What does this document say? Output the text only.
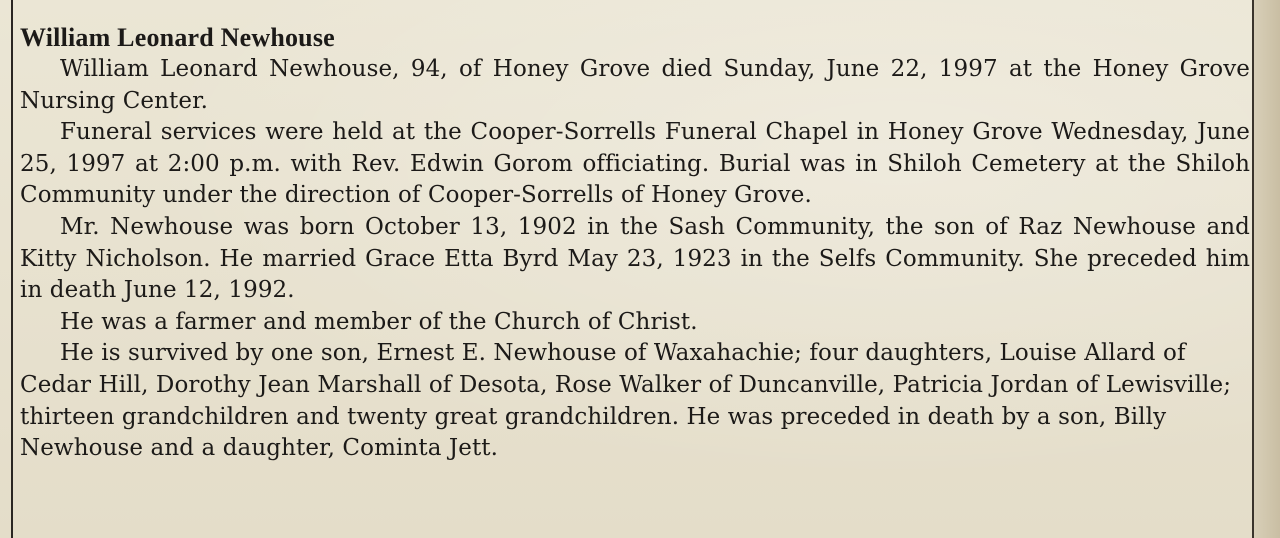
William Leonard Newhouse

William Leonard Newhouse, 94, of Honey Grove died Sunday, June 22, 1997 at the Honey Grove Nursing Center.

Funeral services were held at the Cooper-Sorrells Funeral Chapel in Honey Grove Wednesday, June 25, 1997 at 2:00 p.m. with Rev. Edwin Gorom officiating. Burial was in Shiloh Cemetery at the Shiloh Community under the direction of Cooper-Sorrells of Honey Grove.

Mr. Newhouse was born October 13, 1902 in the Sash Community, the son of Raz Newhouse and Kitty Nicholson. He married Grace Etta Byrd May 23, 1923 in the Selfs Community. She preceded him in death June 12, 1992.

He was a farmer and member of the Church of Christ.

He is survived by one son, Ernest E. Newhouse of Waxahachie; four daughters, Louise Allard of Cedar Hill, Dorothy Jean Marshall of Desota, Rose Walker of Duncanville, Patricia Jordan of Lewisville; thirteen grandchildren and twenty great grandchildren. He was preceded in death by a son, Billy Newhouse and a daughter, Cominta Jett.
